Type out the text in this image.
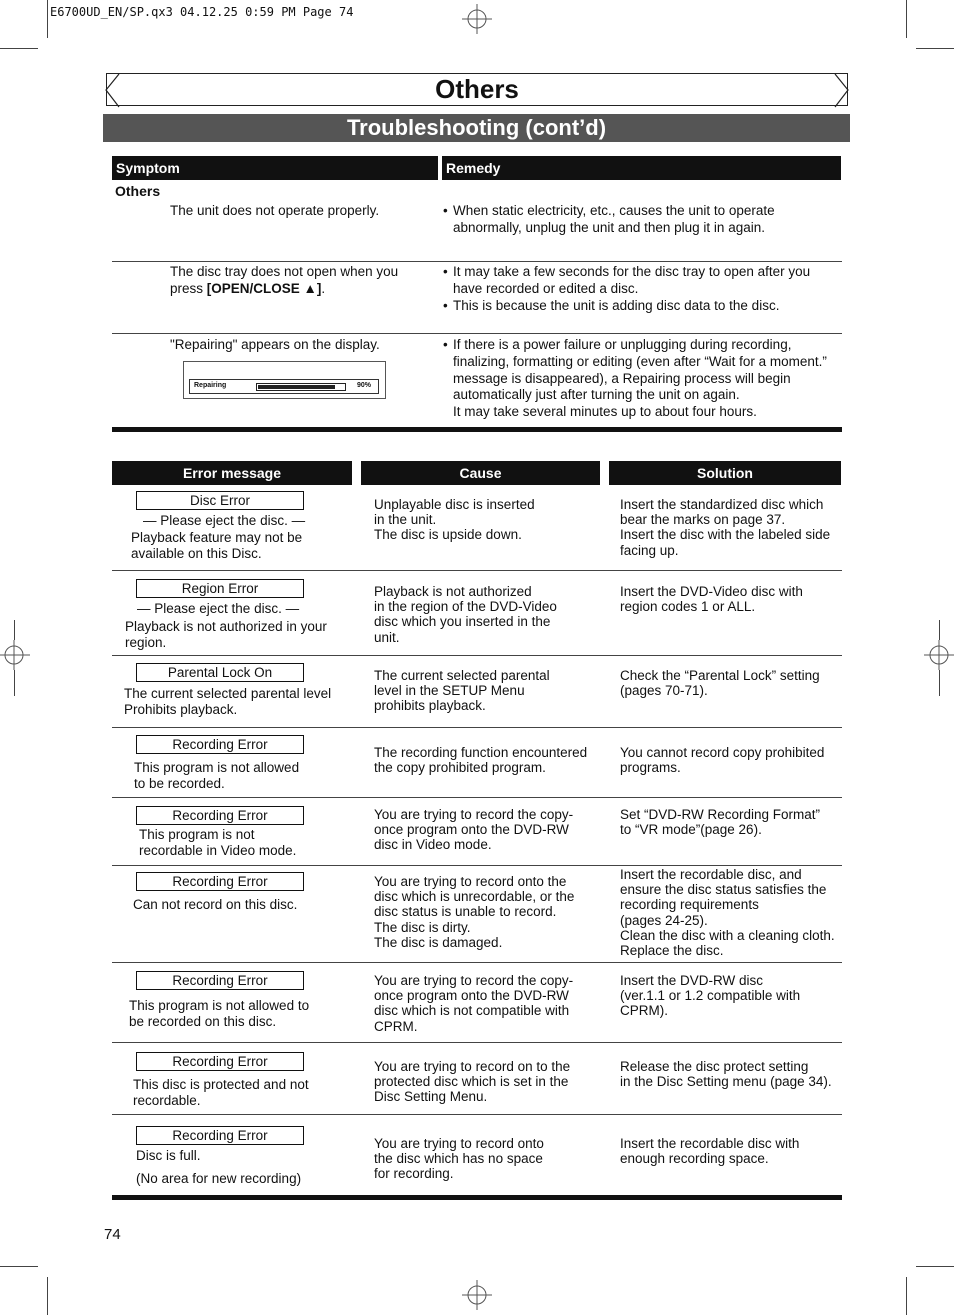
E6700UD_EN/SP.qx3 04.12.25 0:59 PM Page 74
Others
Troubleshooting (cont’d)
Symptom	Remedy
Others
The unit does not operate properly.
•	When static electricity, etc., causes the unit to operate abnormally, unplug the unit and then plug it in again.
The disc tray does not open when you
press [OPEN/CLOSE ▲].
• It may take a few seconds for the disc tray to open after you have recorded or edited a disc.
• This is because the unit is adding disc data to the disc.
"Repairing" appears on the display.
Repairing	90%
• If there is a power failure or unplugging during recording, finalizing, formatting or editing (even after “Wait for a moment.” message is disappeared), a Repairing process will begin automatically just after turning the unit on again.
It may take several minutes up to about four hours.
Error message	Cause	Solution
Disc Error
— Please eject the disc. —
Playback feature may not be
available on this Disc.
Unplayable disc is inserted
in the unit.
The disc is upside down.
Insert the standardized disc which
bear the marks on page 37.
Insert the disc with the labeled side
facing up.
Region Error
— Please eject the disc. —
Playback is not authorized in your
region.
Playback is not authorized
in the region of the DVD-Video
disc which you inserted in the
unit.
Insert the DVD-Video disc with
region codes 1 or ALL.
Parental Lock On
The current selected parental level
Prohibits playback.
The current selected parental
level in the SETUP Menu
prohibits playback.
Check the “Parental Lock” setting
(pages 70-71).
Recording Error
This program is not allowed
to be recorded.
The recording function encountered
the copy prohibited program.
You cannot record copy prohibited
programs.
Recording Error
This program is not
recordable in Video mode.
You are trying to record the copy-
once program onto the DVD-RW
disc in Video mode.
Set “DVD-RW Recording Format”
to “VR mode”(page 26).
Recording Error
Can not record on this disc.
You are trying to record onto the
disc which is unrecordable, or the
disc status is unable to record.
The disc is dirty.
The disc is damaged.
Insert the recordable disc, and
ensure the disc status satisfies the
recording requirements
(pages 24-25).
Clean the disc with a cleaning cloth.
Replace the disc.
Recording Error
This program is not allowed to
be recorded on this disc.
You are trying to record the copy-
once program onto the DVD-RW
disc which is not compatible with
CPRM.
Insert the DVD-RW disc
(ver.1.1 or 1.2 compatible with
CPRM).
Recording Error
This disc is protected and not
recordable.
You are trying to record on to the
protected disc which is set in the
Disc Setting Menu.
Release the disc protect setting
in the Disc Setting menu (page 34).
Recording Error
Disc is full.
(No area for new recording)
You are trying to record onto
the disc which has no space
for recording.
Insert the recordable disc with
enough recording space.
74
